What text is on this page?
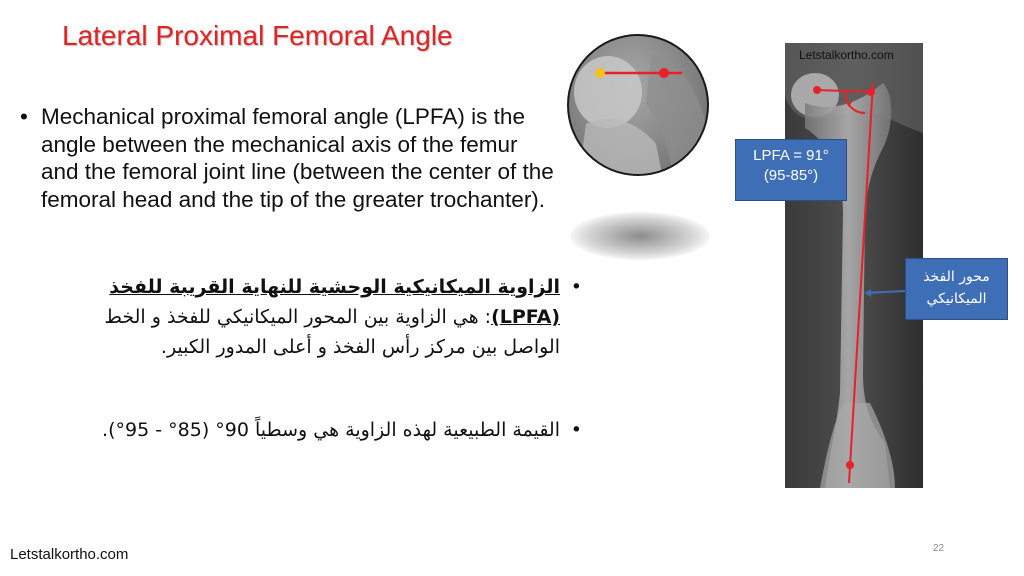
Lateral Proximal Femoral Angle
• Mechanical proximal femoral angle (LPFA) is the angle between the mechanical axis of the femur and the femoral joint line (between the center of the femoral head and the tip of the greater trochanter).
•
الزاوية الميكانيكية الوحشية للنهاية القريبة للفخذ (LPFA): هي الزاوية بين المحور الميكانيكي للفخذ و الخط الواصل بين مركز رأس الفخذ و أعلى المدور الكبير.
•
القيمة الطبيعية لهذه الزاوية هي وسطياً 90° (85° - 95°).
Letstalkortho.com
LPFA = 91°
(95-85°)
محور الفخذ
الميكانيكي
Letstalkortho.com	22
